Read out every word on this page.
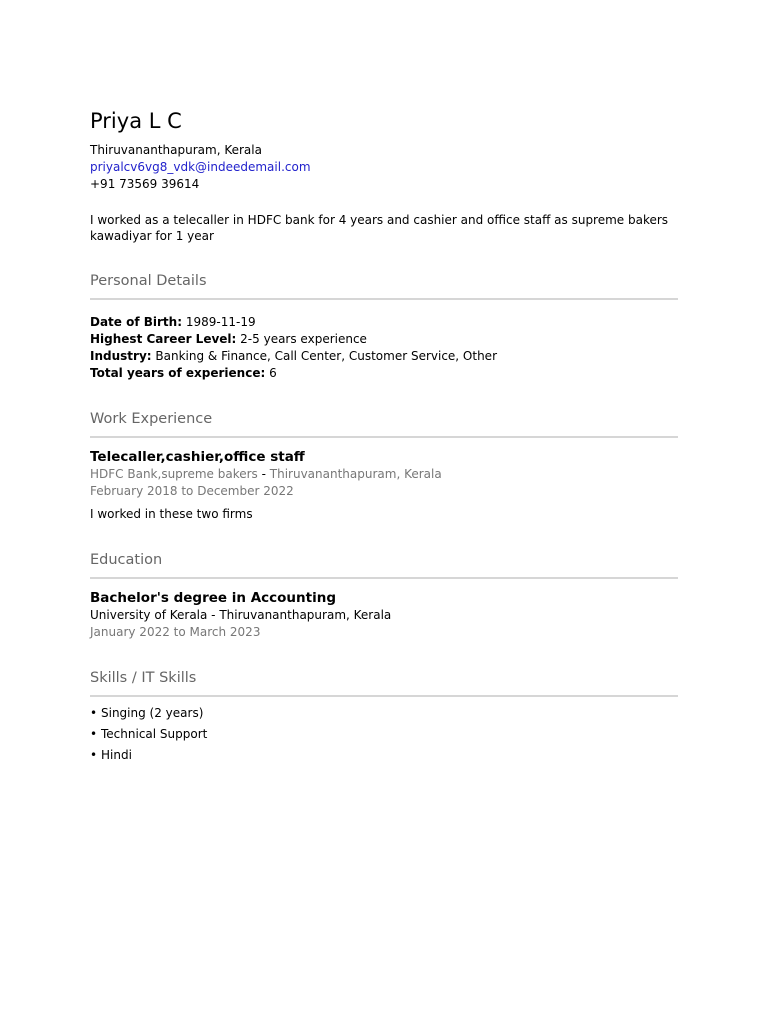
Priya L C

Thiruvananthapuram, Kerala

priyalcv6vg8_vdk@indeedemail.com

+91 73569 39614

I worked as a telecaller in HDFC bank for 4 years and cashier and office staff as supreme bakers kawadiyar for 1 year

Personal Details

Date of Birth: 1989-11-19

Highest Career Level: 2-5 years experience

Industry: Banking & Finance, Call Center, Customer Service, Other

Total years of experience: 6

Work Experience

Telecaller,cashier,office staff

HDFC Bank,supreme bakers - Thiruvananthapuram, Kerala

February 2018 to December 2022

I worked in these two firms

Education

Bachelor's degree in Accounting

University of Kerala - Thiruvananthapuram, Kerala

January 2022 to March 2023

Skills / IT Skills
• Singing (2 years)
• Technical Support
• Hindi
